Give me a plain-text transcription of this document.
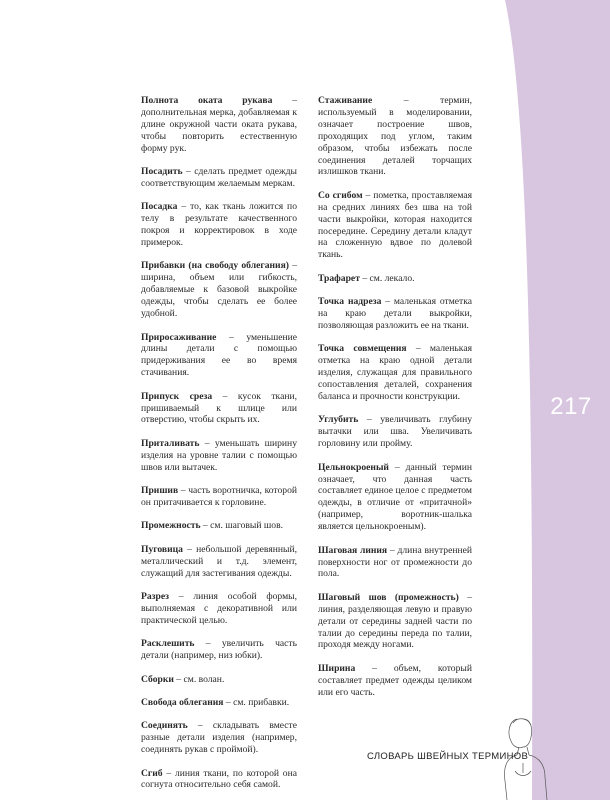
217

Полнота оката рукава – дополнительная мерка, добавляемая к длине окружной части оката рукава, чтобы повторить естественную форму рук.

Посадить – сделать предмет одежды соответствующим желаемым меркам.

Посадка – то, как ткань ложится по телу в результате качественного покроя и корректировок в ходе примерок.

Прибавки (на свободу облегания) – ширина, объем или гибкость, добавляемые к базовой выкройке одежды, чтобы сделать ее более удобной.

Приросаживание – уменьшение длины детали с помощью придерживания ее во время стачивания.

Припуск среза – кусок ткани, пришиваемый к шлице или отверстию, чтобы скрыть их.

Приталивать – уменьшать ширину изделия на уровне талии с помощью швов или вытачек.

Пришив – часть воротничка, которой он притачивается к горловине.

Промежность – см. шаговый шов.

Пуговица – небольшой деревянный, металлический и т.д. элемент, служащий для застегивания одежды.

Разрез – линия особой формы, выполняемая с декоративной или практической целью.

Расклешить – увеличить часть детали (например, низ юбки).

Сборки – см. волан.

Свобода облегания – см. прибавки.

Соединять – складывать вместе разные детали изделия (например, соединять рукав с проймой).

Сгиб – линия ткани, по которой она согнута относительно себя самой.

Стаживание – термин, используемый в моделировании, означает построение швов, проходящих под углом, таким образом, чтобы избежать после соединения деталей торчащих излишков ткани.

Со сгибом – пометка, проставляемая на средних линиях без шва на той части выкройки, которая находится посередине. Середину детали кладут на сложенную вдвое по долевой ткань.

Трафарет – см. лекало.

Точка надреза – маленькая отметка на краю детали выкройки, позволяющая разложить ее на ткани.

Точка совмещения – маленькая отметка на краю одной детали изделия, служащая для правильного сопоставления деталей, сохранения баланса и прочности конструкции.

Углубить – увеличивать глубину вытачки или шва. Увеличивать горловину или пройму.

Цельнокроеный – данный термин означает, что данная часть составляет единое целое с предметом одежды, в отличие от «притачной» (например, воротник-шалька является цельнокроеным).

Шаговая линия – длина внутренней поверхности ног от промежности до пола.

Шаговый шов (промежность) – линия, разделяющая левую и правую детали от середины задней части по талии до середины переда по талии, проходя между ногами.

Ширина – объем, который составляет предмет одежды целиком или его часть.

СЛОВАРЬ ШВЕЙНЫХ ТЕРМИНОВ
